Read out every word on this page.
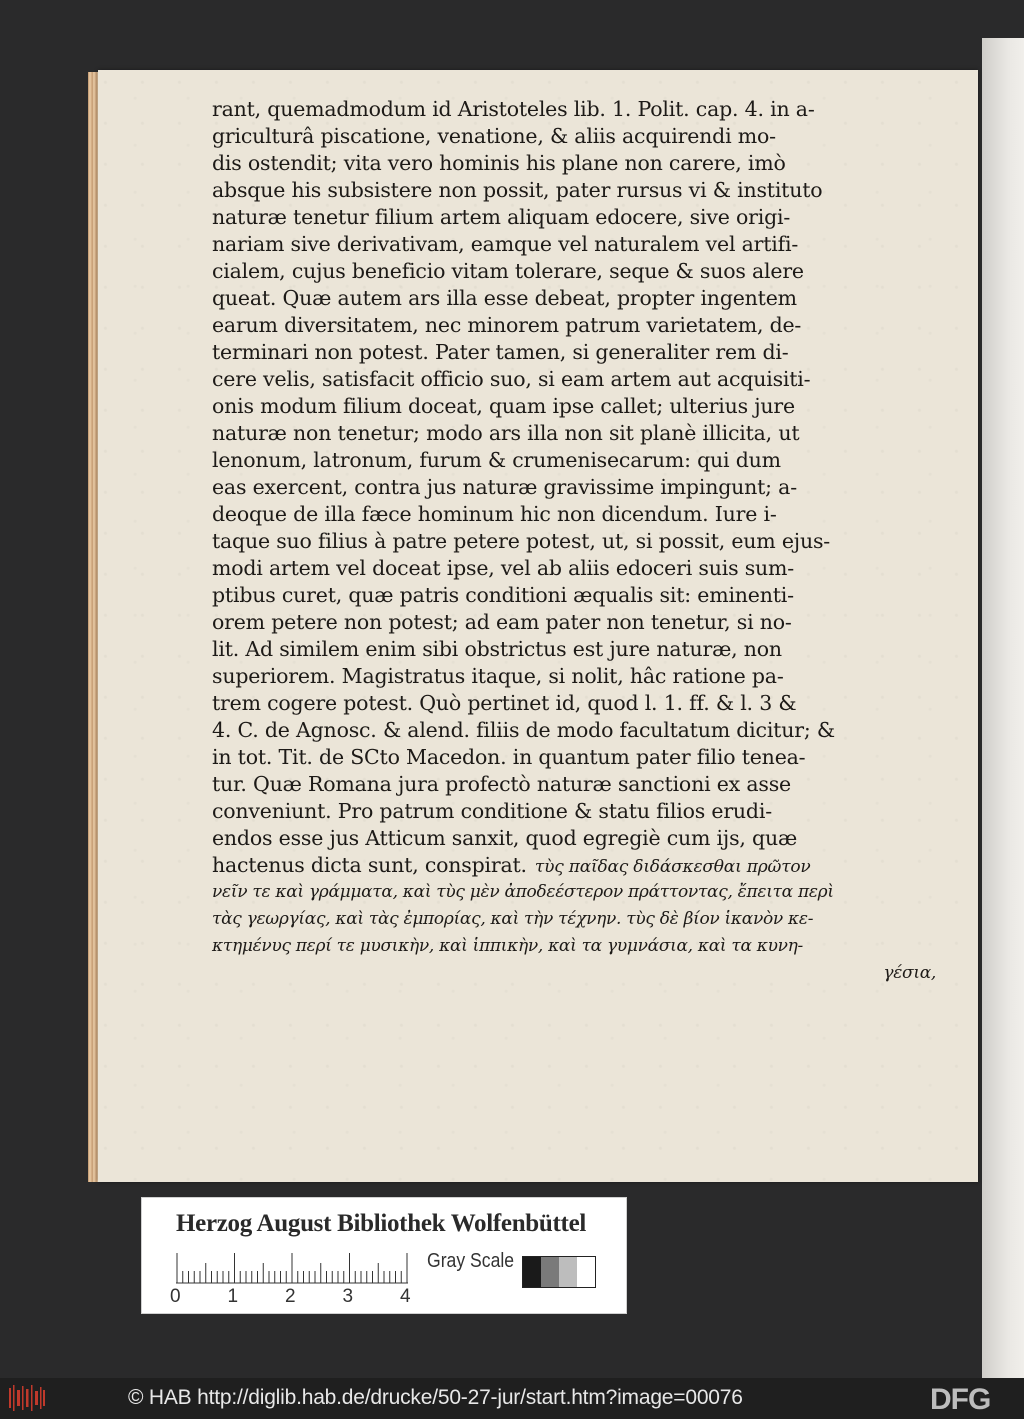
rant, quemadmodum id Aristoteles lib. 1. Polit. cap. 4. in a-
griculturâ piscatione, venatione, & aliis acquirendi mo-
dis ostendit; vita vero hominis his plane non carere, imò
absque his subsistere non possit, pater rursus vi & instituto
naturæ tenetur filium artem aliquam edocere, sive origi-
nariam sive derivativam, eamque vel naturalem vel artifi-
cialem, cujus beneficio vitam tolerare, seque & suos alere
queat. Quæ autem ars illa esse debeat, propter ingentem
earum diversitatem, nec minorem patrum varietatem, de-
terminari non potest. Pater tamen, si generaliter rem di-
cere velis, satisfacit officio suo, si eam artem aut acquisiti-
onis modum filium doceat, quam ipse callet; ulterius jure
naturæ non tenetur; modo ars illa non sit planè illicita, ut
lenonum, latronum, furum & crumenisecarum: qui dum
eas exercent, contra jus naturæ gravissime impingunt; a-
deoque de illa fæce hominum hic non dicendum. Iure i-
taque suo filius à patre petere potest, ut, si possit, eum ejus-
modi artem vel doceat ipse, vel ab aliis edoceri suis sum-
ptibus curet, quæ patris conditioni æqualis sit: eminenti-
orem petere non potest; ad eam pater non tenetur, si no-
lit. Ad similem enim sibi obstrictus est jure naturæ, non
superiorem. Magistratus itaque, si nolit, hâc ratione pa-
trem cogere potest. Quò pertinet id, quod l. 1. ff. & l. 3 &
4. C. de Agnosc. & alend. filiis de modo facultatum dicitur; &
in tot. Tit. de SCto Macedon. in quantum pater filio tenea-
tur. Quæ Romana jura profectò naturæ sanctioni ex asse
conveniunt. Pro patrum conditione & statu filios erudi-
endos esse jus Atticum sanxit, quod egregiè cum ijs, quæ
hactenus dicta sunt, conspirat. τὺς παῖδας διδάσκεσθαι πρῶτον
νεῖν τε καὶ γράμματα, καὶ τὺς μὲν ἀποδεέστερον πράττοντας, ἔπειτα περὶ
τὰς γεωργίας, καὶ τὰς ἐμπορίας, καὶ τὴν τέχνην. τὺς δὲ βίον ἱκανὸν κε-
κτημένυς περί τε μυσικὴν, καὶ ἱππικὴν, καὶ τα γυμνάσια, καὶ τα κυνη-
γέσια,
Herzog August Bibliothek Wolfenbüttel
0 1 2 3 4
Gray Scale
© HAB http://diglib.hab.de/drucke/50-27-jur/start.htm?image=00076	DFG
